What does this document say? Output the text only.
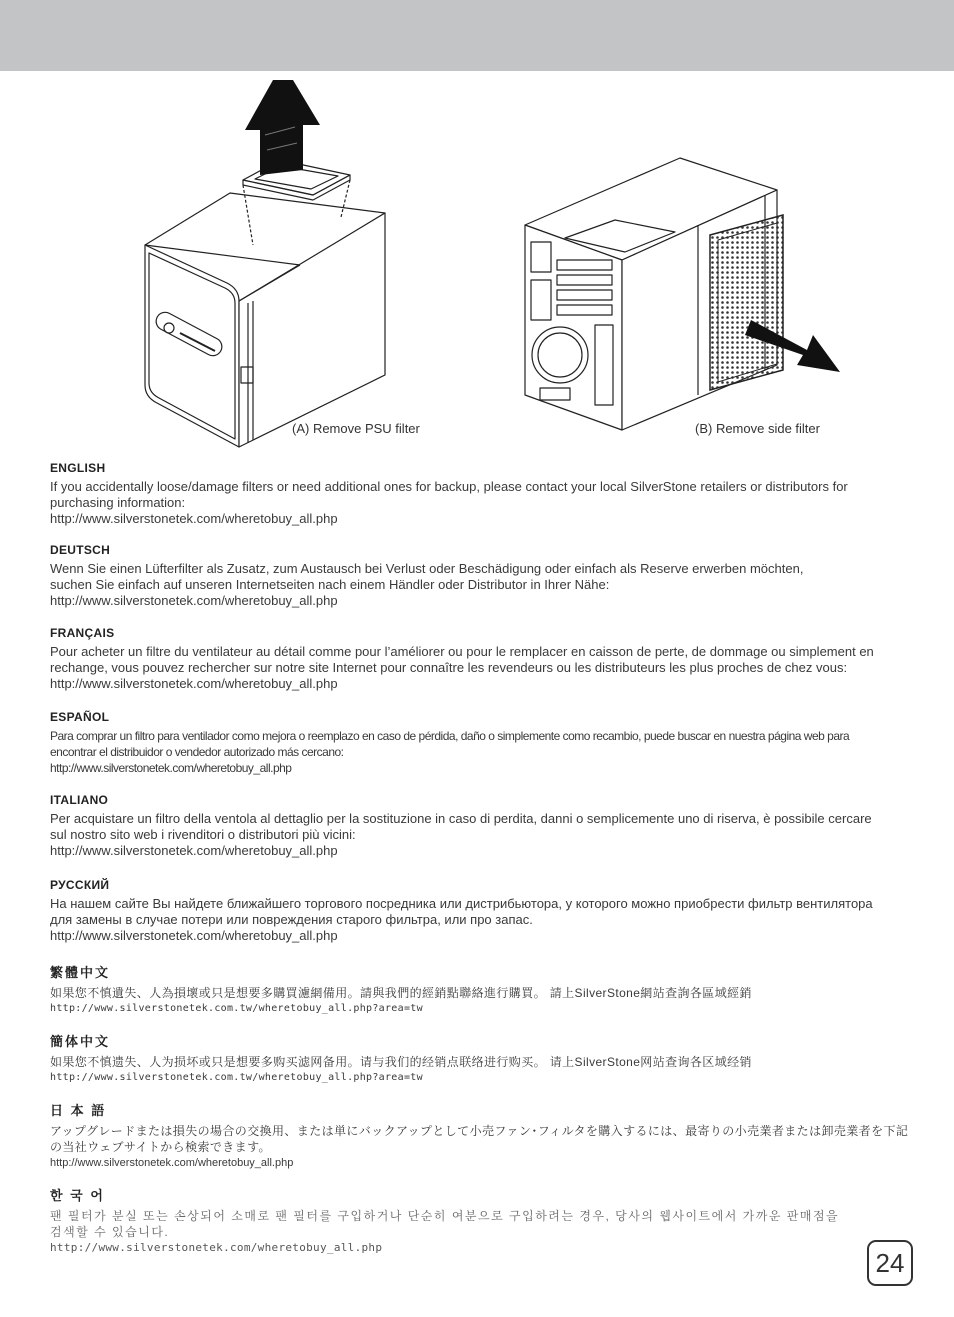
(A) Remove PSU filter	(B) Remove side filter

ENGLISH

If you accidentally loose/damage filters or need additional ones for backup, please contact your local SilverStone retailers or distributors for
purchasing information:

http://www.silverstonetek.com/wheretobuy_all.php

DEUTSCH

Wenn Sie einen Lüfterfilter als Zusatz, zum Austausch bei Verlust oder Beschädigung oder einfach als Reserve erwerben möchten,
suchen Sie einfach auf unseren Internetseiten nach einem Händler oder Distributor in Ihrer Nähe:

http://www.silverstonetek.com/wheretobuy_all.php

FRANÇAIS

Pour acheter un filtre du ventilateur au détail comme pour l’améliorer ou pour le remplacer en caisson de perte, de dommage ou simplement en
rechange, vous pouvez rechercher sur notre site Internet pour connaître les revendeurs ou les distributeurs les plus proches de chez vous:

http://www.silverstonetek.com/wheretobuy_all.php

ESPAÑOL

Para comprar un filtro para ventilador como mejora o reemplazo en caso de pérdida, daño o simplemente como recambio, puede buscar en nuestra página web para
encontrar el distribuidor o vendedor autorizado más cercano:

http://www.silverstonetek.com/wheretobuy_all.php

ITALIANO

Per acquistare un filtro della ventola al dettaglio per la sostituzione in caso di perdita, danni o semplicemente uno di riserva, è possibile cercare
sul nostro sito web i rivenditori o distributori più vicini:

http://www.silverstonetek.com/wheretobuy_all.php

РУССКИЙ

На нашем сайте Вы найдете ближайшего торгового посредника или дистрибьютора, у которого можно приобрести фильтр вентилятора
для замены в случае потери или повреждения старого фильтра, или про запас.

http://www.silverstonetek.com/wheretobuy_all.php

繁體中文

如果您不慎遺失、人為損壞或只是想要多購買濾網備用。請與我們的經銷點聯絡進行購買。 請上SilverStone網站查詢各區域經銷

http://www.silverstonetek.com.tw/wheretobuy_all.php?area=tw

簡体中文

如果您不慎遗失、人为损坏或只是想要多购买滤网备用。请与我们的经销点联络进行购买。 请上SilverStone网站查询各区域经销

http://www.silverstonetek.com.tw/wheretobuy_all.php?area=tw

日 本 語

アップグレードまたは損失の場合の交換用、または単にバックアップとして小売ファン･フィルタを購入するには、最寄りの小売業者または卸売業者を下記
の当社ウェブサイトから検索できます。

http://www.silverstonetek.com/wheretobuy_all.php

한 국 어

팬 필터가 분실 또는 손상되어 소매로 팬 필터를 구입하거나 단순히 여분으로 구입하려는 경우, 당사의 웹사이트에서 가까운 판매점을
검색할 수 있습니다.

http://www.silverstonetek.com/wheretobuy_all.php	24
